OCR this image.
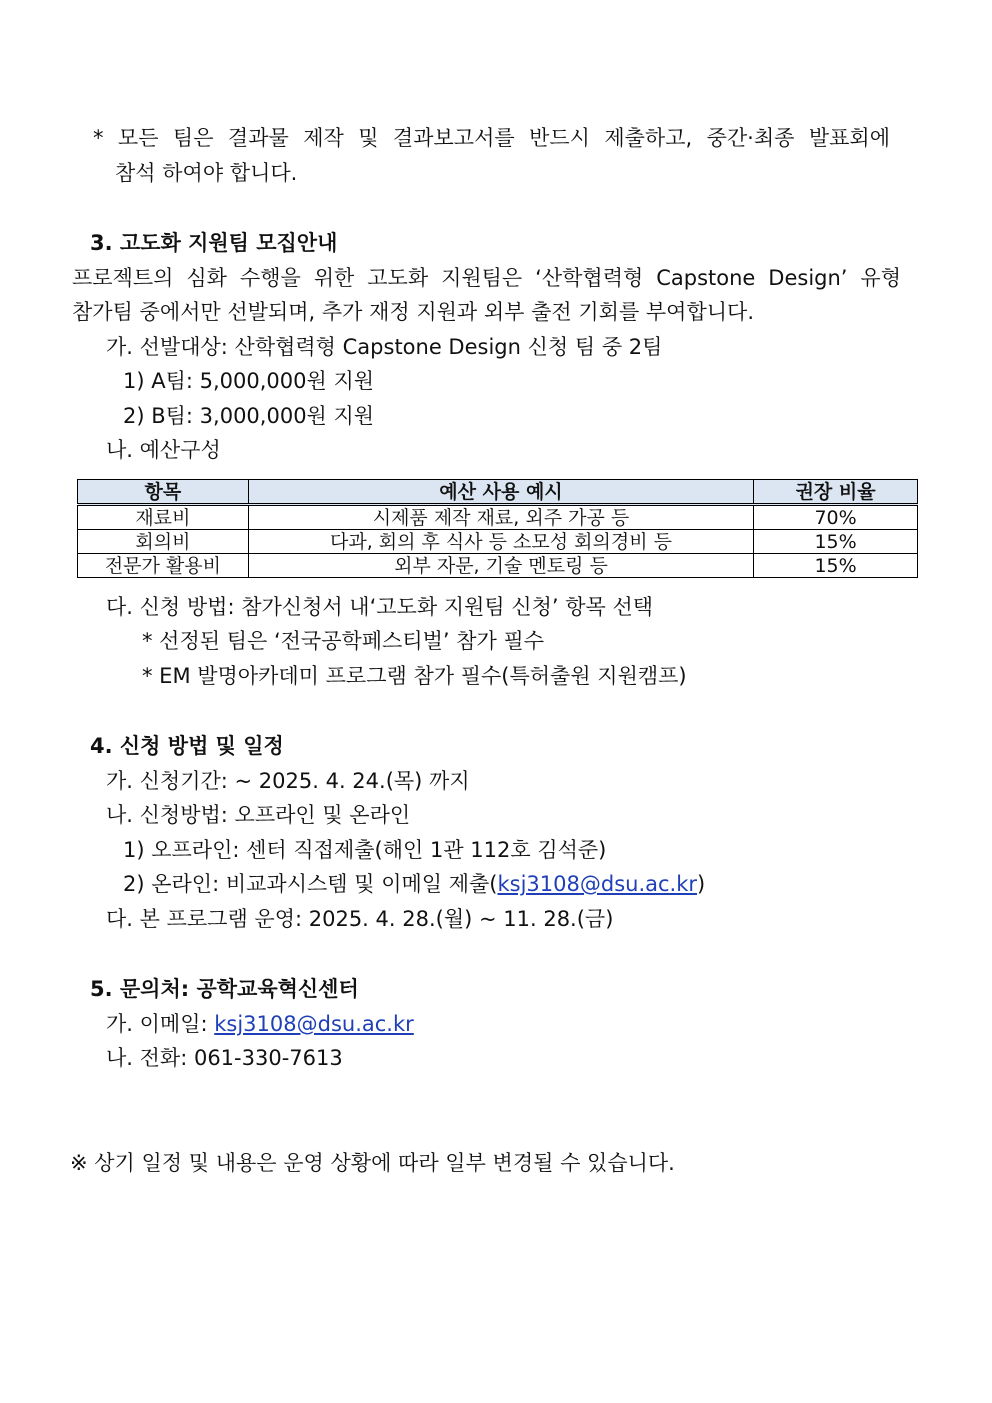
* 모든 팀은 결과물 제작 및 결과보고서를 반드시 제출하고, 중간·최종 발표회에
참석 하여야 합니다.
3. 고도화 지원팀 모집안내
프로젝트의 심화 수행을 위한 고도화 지원팀은 ‘산학협력형 Capstone Design’ 유형
참가팀 중에서만 선발되며, 추가 재정 지원과 외부 출전 기회를 부여합니다.
가. 선발대상: 산학협력형 Capstone Design 신청 팀 중 2팀
1) A팀: 5,000,000원 지원
2) B팀: 3,000,000원 지원
나. 예산구성
항목	예산 사용 예시	권장 비율
재료비	시제품 제작 재료, 외주 가공 등	70%
회의비	다과, 회의 후 식사 등 소모성 회의경비 등	15%
전문가 활용비	외부 자문, 기술 멘토링 등	15%
다. 신청 방법: 참가신청서 내‘고도화 지원팀 신청’ 항목 선택
* 선정된 팀은 ‘전국공학페스티벌’ 참가 필수
* EM 발명아카데미 프로그램 참가 필수(특허출원 지원캠프)
4. 신청 방법 및 일정
가. 신청기간: ~ 2025. 4. 24.(목) 까지
나. 신청방법: 오프라인 및 온라인
1) 오프라인: 센터 직접제출(해인 1관 112호 김석준)
2) 온라인: 비교과시스템 및 이메일 제출(ksj3108@dsu.ac.kr)
다. 본 프로그램 운영: 2025. 4. 28.(월) ~ 11. 28.(금)
5. 문의처: 공학교육혁신센터
가. 이메일: ksj3108@dsu.ac.kr
나. 전화: 061-330-7613
※ 상기 일정 및 내용은 운영 상황에 따라 일부 변경될 수 있습니다.
